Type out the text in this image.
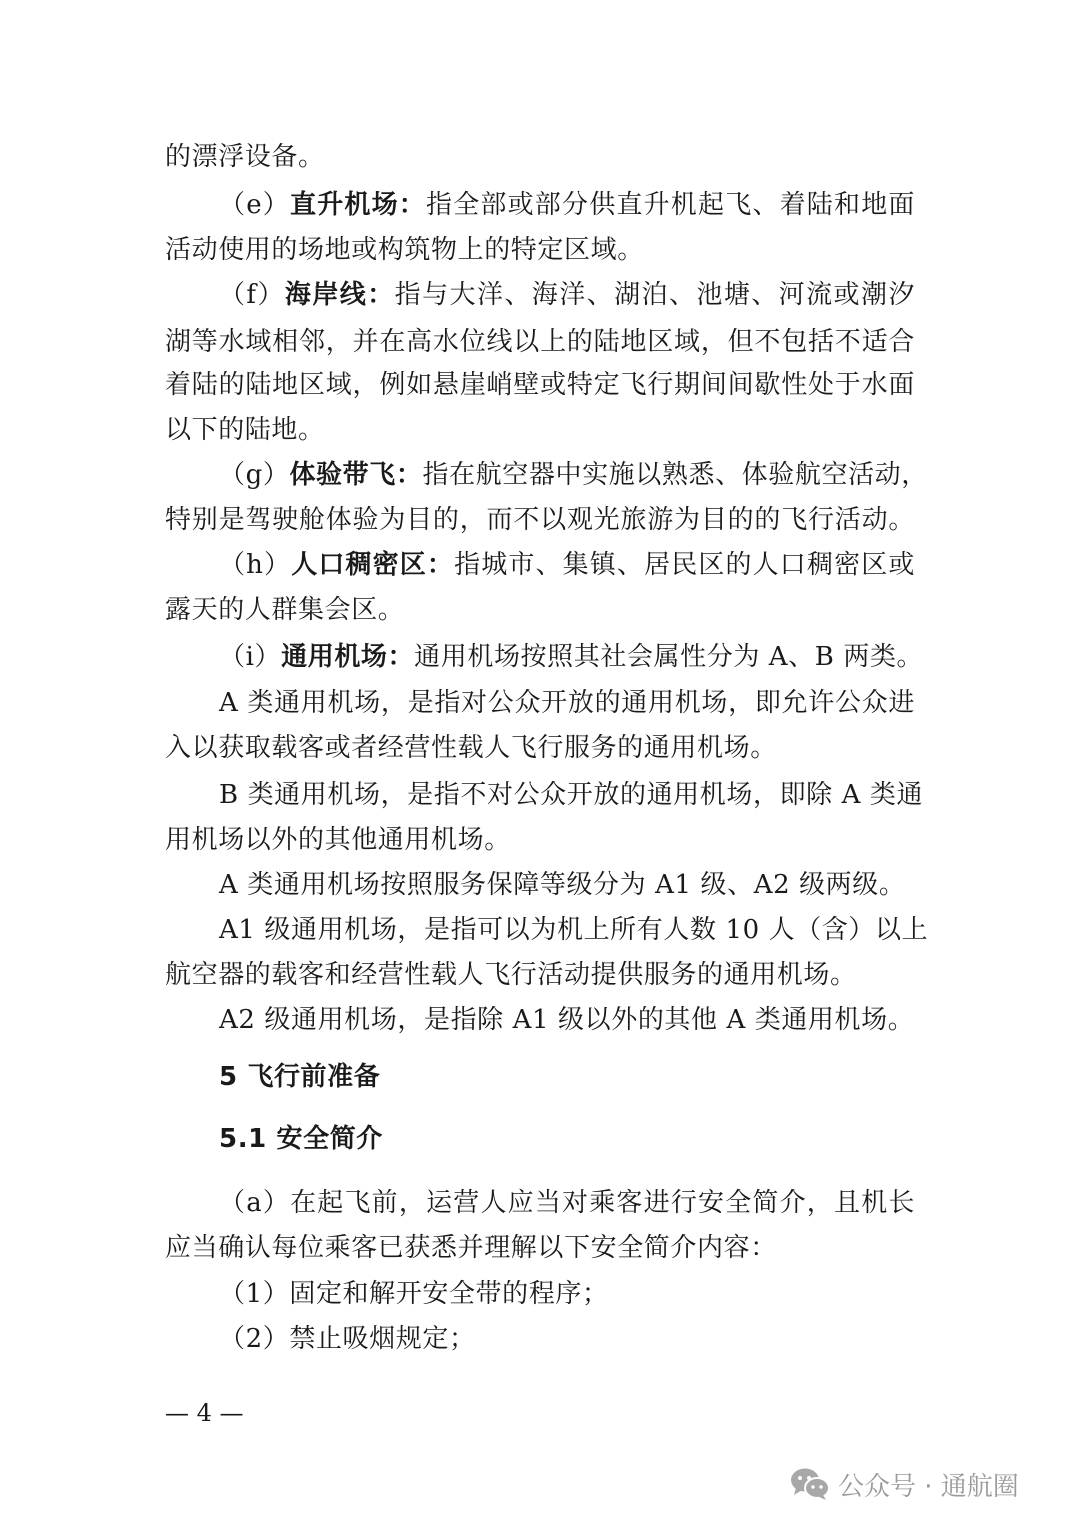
的漂浮设备。
（e）直升机场：指全部或部分供直升机起飞、着陆和地面
活动使用的场地或构筑物上的特定区域。
（f）海岸线：指与大洋、海洋、湖泊、池塘、河流或潮汐
湖等水域相邻，并在高水位线以上的陆地区域，但不包括不适合
着陆的陆地区域，例如悬崖峭壁或特定飞行期间间歇性处于水面
以下的陆地。
（g）体验带飞：指在航空器中实施以熟悉、体验航空活动，
特别是驾驶舱体验为目的，而不以观光旅游为目的的飞行活动。
（h）人口稠密区：指城市、集镇、居民区的人口稠密区或
露天的人群集会区。
（i）通用机场：通用机场按照其社会属性分为 A、B 两类。
A 类通用机场，是指对公众开放的通用机场，即允许公众进
入以获取载客或者经营性载人飞行服务的通用机场。
B 类通用机场，是指不对公众开放的通用机场，即除 A 类通
用机场以外的其他通用机场。
A 类通用机场按照服务保障等级分为 A1 级、A2 级两级。
A1 级通用机场，是指可以为机上所有人数 10 人（含）以上
航空器的载客和经营性载人飞行活动提供服务的通用机场。
A2 级通用机场，是指除 A1 级以外的其他 A 类通用机场。
5 飞行前准备
5.1 安全简介
（a）在起飞前，运营人应当对乘客进行安全简介，且机长
应当确认每位乘客已获悉并理解以下安全简介内容：
（1）固定和解开安全带的程序；
（2）禁止吸烟规定；
— 4 —
公众号 · 通航圈
